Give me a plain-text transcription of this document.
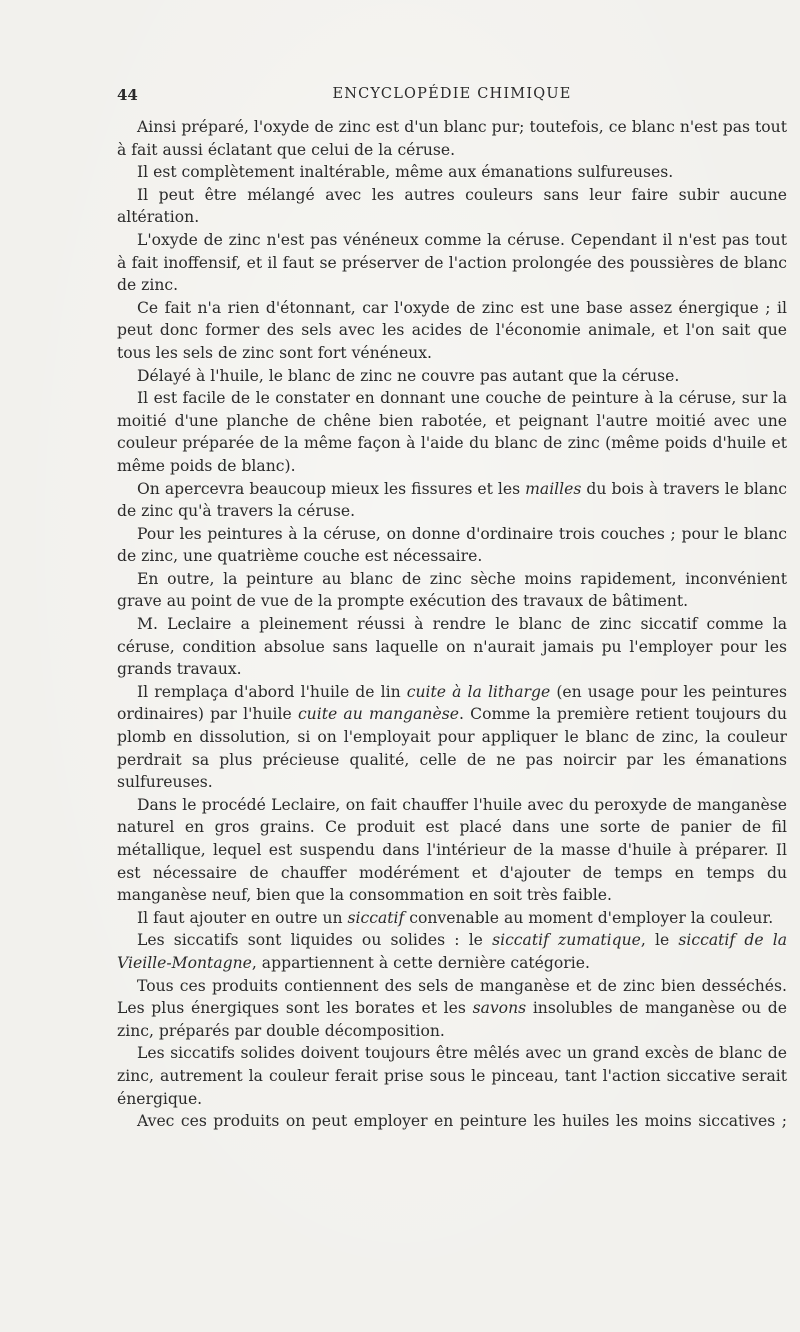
44	ENCYCLOPÉDIE CHIMIQUE

Ainsi préparé, l'oxyde de zinc est d'un blanc pur; toutefois, ce blanc n'est pas tout à fait aussi éclatant que celui de la céruse.

Il est complètement inaltérable, même aux émanations sulfureuses.

Il peut être mélangé avec les autres couleurs sans leur faire subir aucune altération.

L'oxyde de zinc n'est pas vénéneux comme la céruse. Cependant il n'est pas tout à fait inoffensif, et il faut se préserver de l'action prolongée des poussières de blanc de zinc.

Ce fait n'a rien d'étonnant, car l'oxyde de zinc est une base assez énergique ; il peut donc former des sels avec les acides de l'économie animale, et l'on sait que tous les sels de zinc sont fort vénéneux.

Délayé à l'huile, le blanc de zinc ne couvre pas autant que la céruse.

Il est facile de le constater en donnant une couche de peinture à la céruse, sur la moitié d'une planche de chêne bien rabotée, et peignant l'autre moitié avec une couleur préparée de la même façon à l'aide du blanc de zinc (même poids d'huile et même poids de blanc).

On apercevra beaucoup mieux les fissures et les mailles du bois à travers le blanc de zinc qu'à travers la céruse.

Pour les peintures à la céruse, on donne d'ordinaire trois couches ; pour le blanc de zinc, une quatrième couche est nécessaire.

En outre, la peinture au blanc de zinc sèche moins rapidement, inconvénient grave au point de vue de la prompte exécution des travaux de bâtiment.

M. Leclaire a pleinement réussi à rendre le blanc de zinc siccatif comme la céruse, condition absolue sans laquelle on n'aurait jamais pu l'employer pour les grands travaux.

Il remplaça d'abord l'huile de lin cuite à la litharge (en usage pour les peintures ordinaires) par l'huile cuite au manganèse. Comme la première retient toujours du plomb en dissolution, si on l'employait pour appliquer le blanc de zinc, la couleur perdrait sa plus précieuse qualité, celle de ne pas noircir par les émanations sulfureuses.

Dans le procédé Leclaire, on fait chauffer l'huile avec du peroxyde de manganèse naturel en gros grains. Ce produit est placé dans une sorte de panier de fil métallique, lequel est suspendu dans l'intérieur de la masse d'huile à préparer. Il est nécessaire de chauffer modérément et d'ajouter de temps en temps du manganèse neuf, bien que la consommation en soit très faible.

Il faut ajouter en outre un siccatif convenable au moment d'employer la couleur.

Les siccatifs sont liquides ou solides : le siccatif zumatique, le siccatif de la Vieille-Montagne, appartiennent à cette dernière catégorie.

Tous ces produits contiennent des sels de manganèse et de zinc bien desséchés. Les plus énergiques sont les borates et les savons insolubles de manganèse ou de zinc, préparés par double décomposition.

Les siccatifs solides doivent toujours être mêlés avec un grand excès de blanc de zinc, autrement la couleur ferait prise sous le pinceau, tant l'action siccative serait énergique.

Avec ces produits on peut employer en peinture les huiles les moins siccatives ;
